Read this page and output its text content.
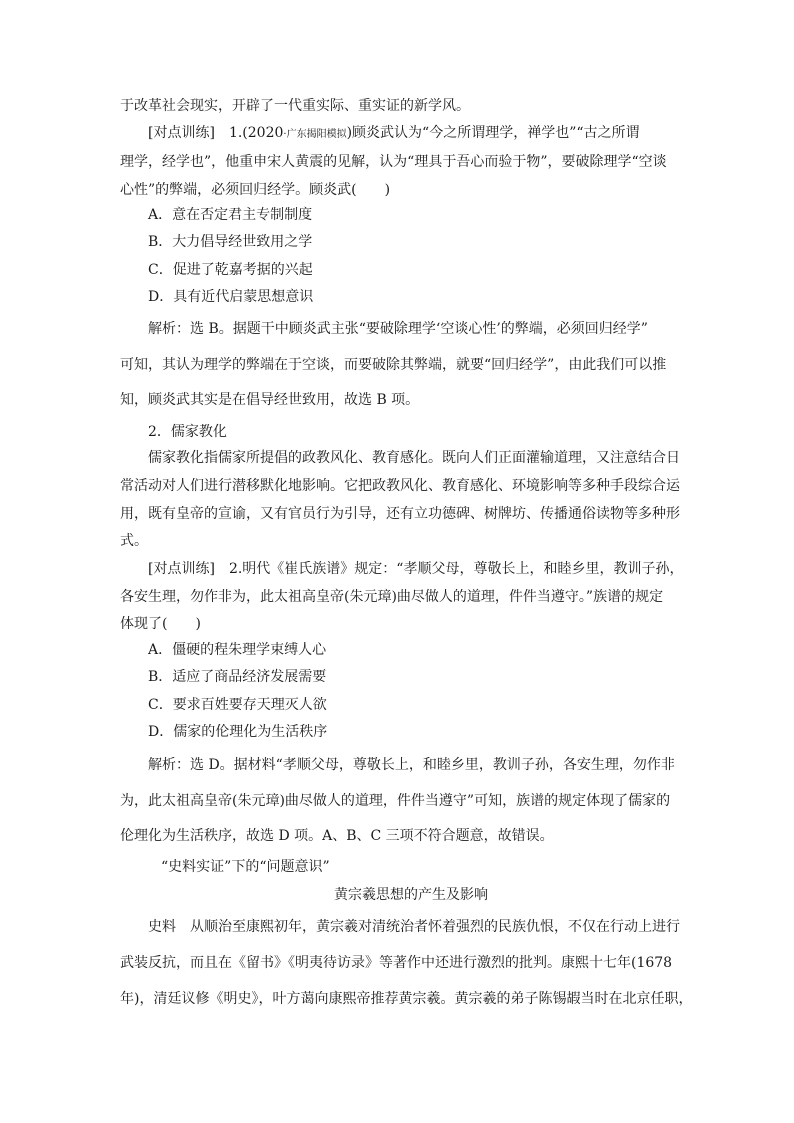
于改革社会现实，开辟了一代重实际、重实证的新学风。
[对点训练]　 1.(2020·广东揭阳模拟)顾炎武认为“今之所谓理学，禅学也”“古之所谓
理学，经学也”，他重申宋人黄震的见解，认为“理具于吾心而验于物”，要破除理学“空谈
心性”的弊端，必须回归经学。顾炎武(　　)
A．意在否定君主专制制度
B．大力倡导经世致用之学
C．促进了乾嘉考据的兴起
D．具有近代启蒙思想意识
解析：选 B。据题干中顾炎武主张“要破除理学‘空谈心性’的弊端，必须回归经学”
可知，其认为理学的弊端在于空谈，而要破除其弊端，就要“回归经学”，由此我们可以推
知，顾炎武其实是在倡导经世致用，故选 B 项。
2．儒家教化
儒家教化指儒家所提倡的政教风化、教育感化。既向人们正面灌输道理，又注意结合日
常活动对人们进行潜移默化地影响。它把政教风化、教育感化、环境影响等多种手段综合运
用，既有皇帝的宣谕，又有官员行为引导，还有立功德碑、树牌坊、传播通俗读物等多种形
式。
[对点训练]　 2.明代《崔氏族谱》规定：“孝顺父母，尊敬长上，和睦乡里，教训子孙，
各安生理，勿作非为，此太祖高皇帝(朱元璋)曲尽做人的道理，件件当遵守。”族谱的规定
体现了(　　)
A．僵硬的程朱理学束缚人心
B．适应了商品经济发展需要
C．要求百姓要存天理灭人欲
D．儒家的伦理化为生活秩序
解析：选 D。据材料“孝顺父母，尊敬长上，和睦乡里，教训子孙，各安生理，勿作非
为，此太祖高皇帝(朱元璋)曲尽做人的道理，件件当遵守”可知，族谱的规定体现了儒家的
伦理化为生活秩序，故选 D 项。A、B、C 三项不符合题意，故错误。
“史料实证”下的“问题意识”
黄宗羲思想的产生及影响
史料　 从顺治至康熙初年，黄宗羲对清统治者怀着强烈的民族仇恨，不仅在行动上进行
武装反抗，而且在《留书》《明夷待访录》等著作中还进行激烈的批判。康熙十七年(1678
年)，清廷议修《明史》，叶方蔼向康熙帝推荐黄宗羲。黄宗羲的弟子陈锡嘏当时在北京任职，
